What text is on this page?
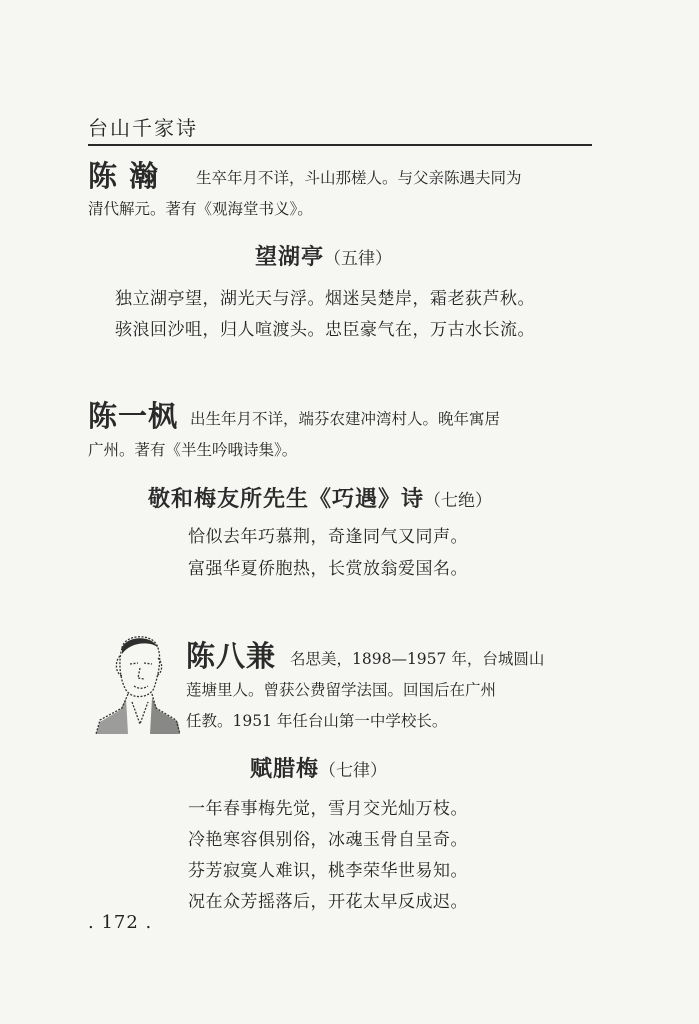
台山千家诗
陈 瀚 生卒年月不详，斗山那槎人。与父亲陈遇夫同为
清代解元。著有《观海堂书义》。
望湖亭（五律）
独立湖亭望，湖光天与浮。烟迷吴楚岸，霜老荻芦秋。
骇浪回沙咀，归人喧渡头。忠臣豪气在，万古水长流。
陈一枫 出生年月不详，端芬农建冲湾村人。晚年寓居
广州。著有《半生吟哦诗集》。
敬和梅友所先生《巧遇》诗（七绝）
恰似去年巧慕荆，奇逢同气又同声。
富强华夏侨胞热，长赏放翁爱国名。
陈八兼 名思美，1898—1957 年，台城圆山
莲塘里人。曾获公费留学法国。回国后在广州
任教。1951 年任台山第一中学校长。
赋腊梅（七律）
一年春事梅先觉，雪月交光灿万枝。
冷艳寒容俱别俗，冰魂玉骨自呈奇。
芬芳寂寞人难识，桃李荣华世易知。
况在众芳摇落后，开花太早反成迟。
. 172 .
